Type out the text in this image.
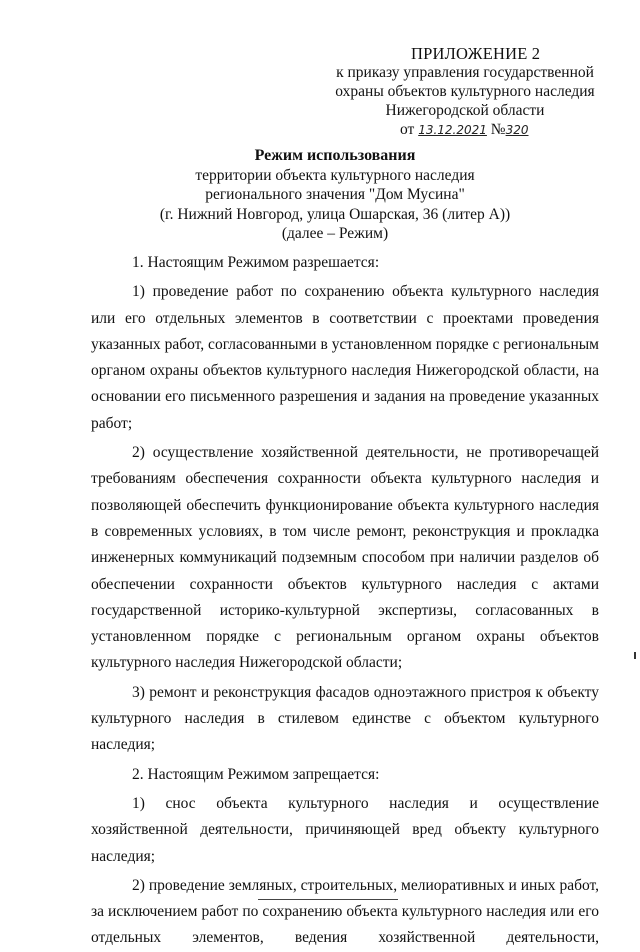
ПРИЛОЖЕНИЕ 2
к приказу управления государственной
охраны объектов культурного наследия
Нижегородской области
от 13.12.2021 №320
Режим использования
территории объекта культурного наследия
регионального значения "Дом Мусина"
(г. Нижний Новгород, улица Ошарская, 36 (литер А))
(далее – Режим)

1. Настоящим Режимом разрешается:

1) проведение работ по сохранению объекта культурного наследия или его отдельных элементов в соответствии с проектами проведения указанных работ, согласованными в установленном порядке с региональным органом охраны объектов культурного наследия Нижегородской области, на основании его письменного разрешения и задания на проведение указанных работ;

2) осуществление хозяйственной деятельности, не противоречащей требованиям обеспечения сохранности объекта культурного наследия и позволяющей обеспечить функционирование объекта культурного наследия в современных условиях, в том числе ремонт, реконструкция и прокладка инженерных коммуникаций подземным способом при наличии разделов об обеспечении сохранности объектов культурного наследия с актами государственной историко-культурной экспертизы, согласованных в установленном порядке с региональным органом охраны объектов культурного наследия Нижегородской области;

3) ремонт и реконструкция фасадов одноэтажного пристроя к объекту культурного наследия в стилевом единстве с объектом культурного наследия;

2. Настоящим Режимом запрещается:

1) снос объекта культурного наследия и осуществление хозяйственной деятельности, причиняющей вред объекту культурного наследия;

2) проведение земляных, строительных, мелиоративных и иных работ, за исключением работ по сохранению объекта культурного наследия или его отдельных элементов, ведения хозяйственной деятельности,
